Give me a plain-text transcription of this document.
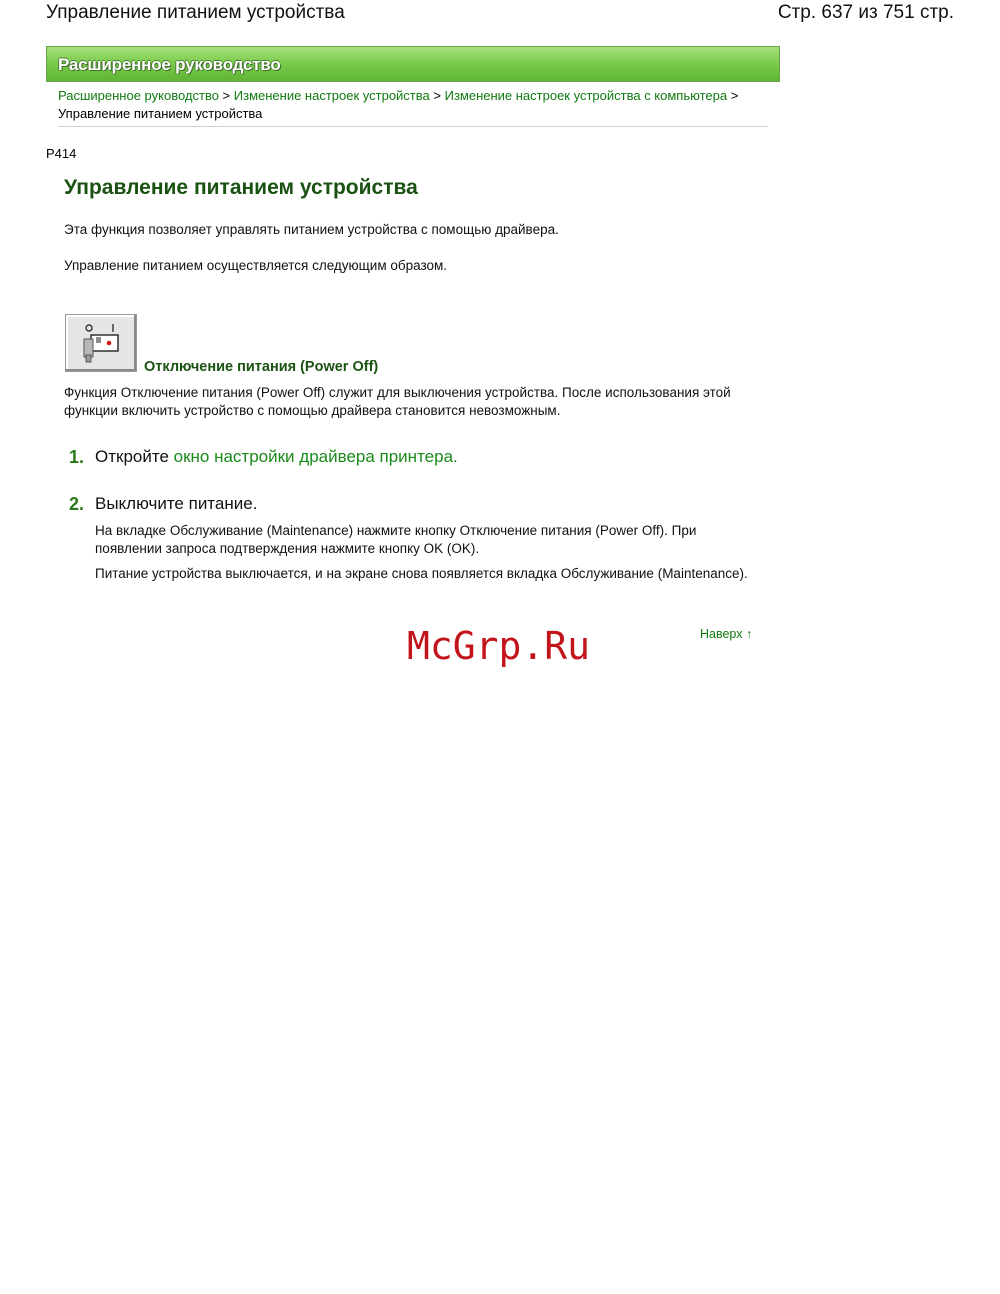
Управление питанием устройства	Стр. 637 из 751 стр.
Расширенное руководство
Расширенное руководство > Изменение настроек устройства > Изменение настроек устройства с компьютера > Управление питанием устройства
P414
Управление питанием устройства
Эта функция позволяет управлять питанием устройства с помощью драйвера.
Управление питанием осуществляется следующим образом.
Отключение питания (Power Off)
Функция Отключение питания (Power Off) служит для выключения устройства. После использования этой функции включить устройство с помощью драйвера становится невозможным.
1. Откройте окно настройки драйвера принтера.
2. Выключите питание.
На вкладке Обслуживание (Maintenance) нажмите кнопку Отключение питания (Power Off). При появлении запроса подтверждения нажмите кнопку OK (OK).
Питание устройства выключается, и на экране снова появляется вкладка Обслуживание (Maintenance).
Наверх ↑
McGrp.Ru
